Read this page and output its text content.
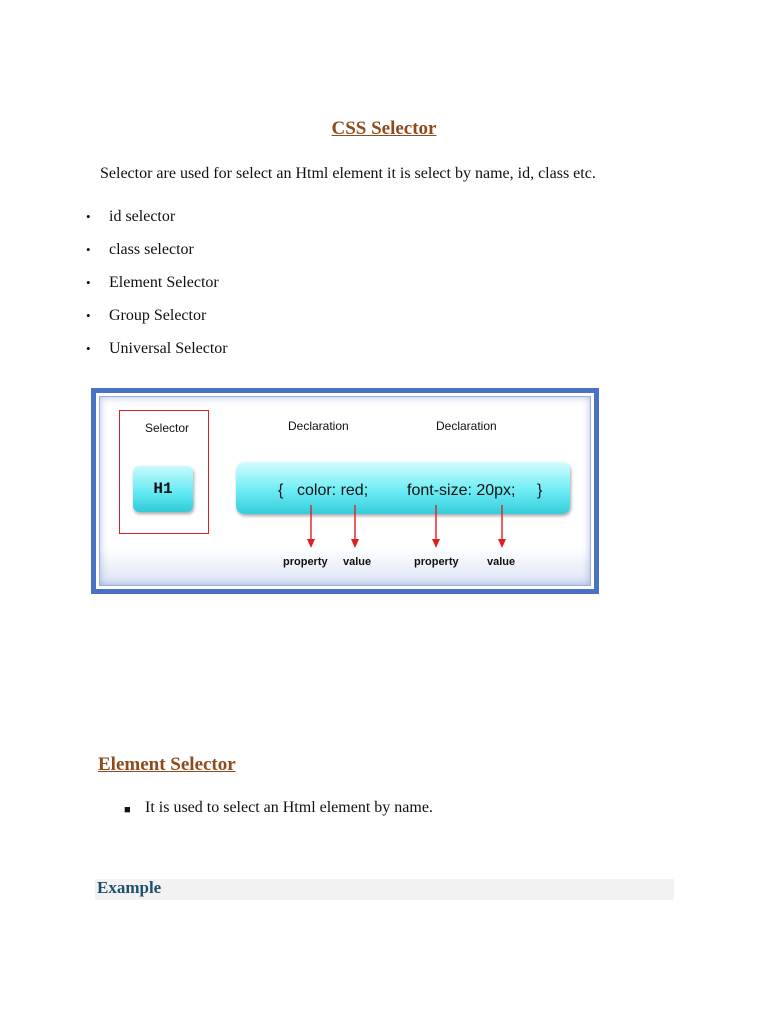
CSS Selector
Selector are used for select an Html element it is select by name, id, class etc.
•	id selector
•	class selector
•	Element Selector
•	Group Selector
•	Universal Selector
Selector	Declaration	Declaration
H1	{ color: red; font-size: 20px; }
property value	property	value
Element Selector
■ It is used to select an Html element by name.
Example
